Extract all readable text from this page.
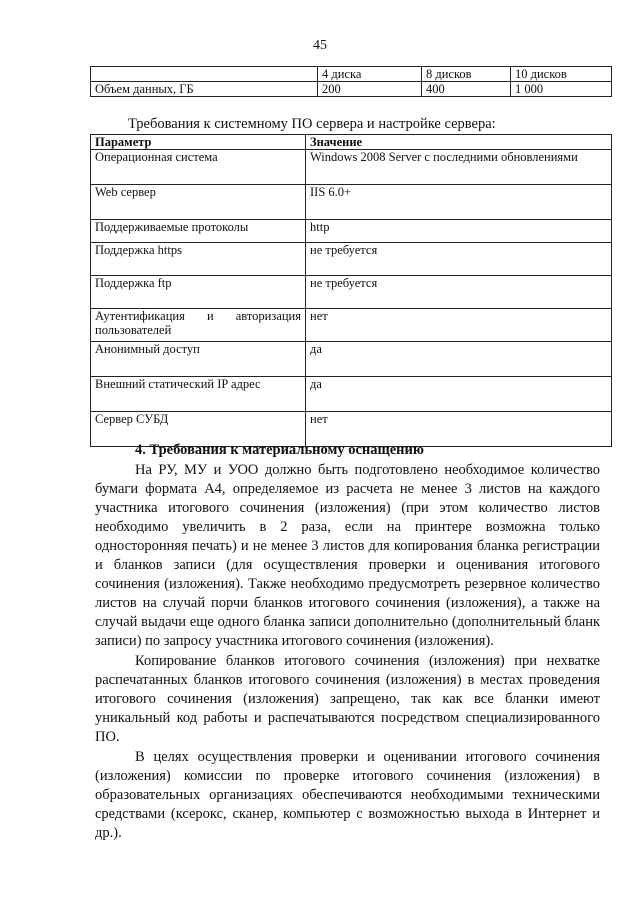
45
	4 диска	8 дисков	10 дисков
Объем данных, ГБ	200	400	1 000
Требования к системному ПО сервера и настройке сервера:
Параметр	Значение
Операционная система	Windows 2008 Server с последними обновлениями
Web сервер	IIS 6.0+
Поддерживаемые протоколы	http
Поддержка https	не требуется
Поддержка ftp	не требуется
Аутентификация и авторизация пользователей	нет
Анонимный доступ	да
Внешний статический IP адрес	да
Сервер СУБД	нет
4. Требования к материальному оснащению

На РУ, МУ и УОО должно быть подготовлено необходимое количество бумаги формата А4, определяемое из расчета не менее 3 листов на каждого участника итогового сочинения (изложения) (при этом количество листов необходимо увеличить в 2 раза, если на принтере возможна только односторонняя печать) и не менее 3 листов для копирования бланка регистрации и бланков записи (для осуществления проверки и оценивания итогового сочинения (изложения). Также необходимо предусмотреть резервное количество листов на случай порчи бланков итогового сочинения (изложения), а также на случай выдачи еще одного бланка записи дополнительно (дополнительный бланк записи) по запросу участника итогового сочинения (изложения).

Копирование бланков итогового сочинения (изложения) при нехватке распечатанных бланков итогового сочинения (изложения) в местах проведения итогового сочинения (изложения) запрещено, так как все бланки имеют уникальный код работы и распечатываются посредством специализированного ПО.

В целях осуществления проверки и оценивании итогового сочинения (изложения) комиссии по проверке итогового сочинения (изложения) в образовательных организациях обеспечиваются необходимыми техническими средствами (ксерокс, сканер, компьютер с возможностью выхода в Интернет и др.).
